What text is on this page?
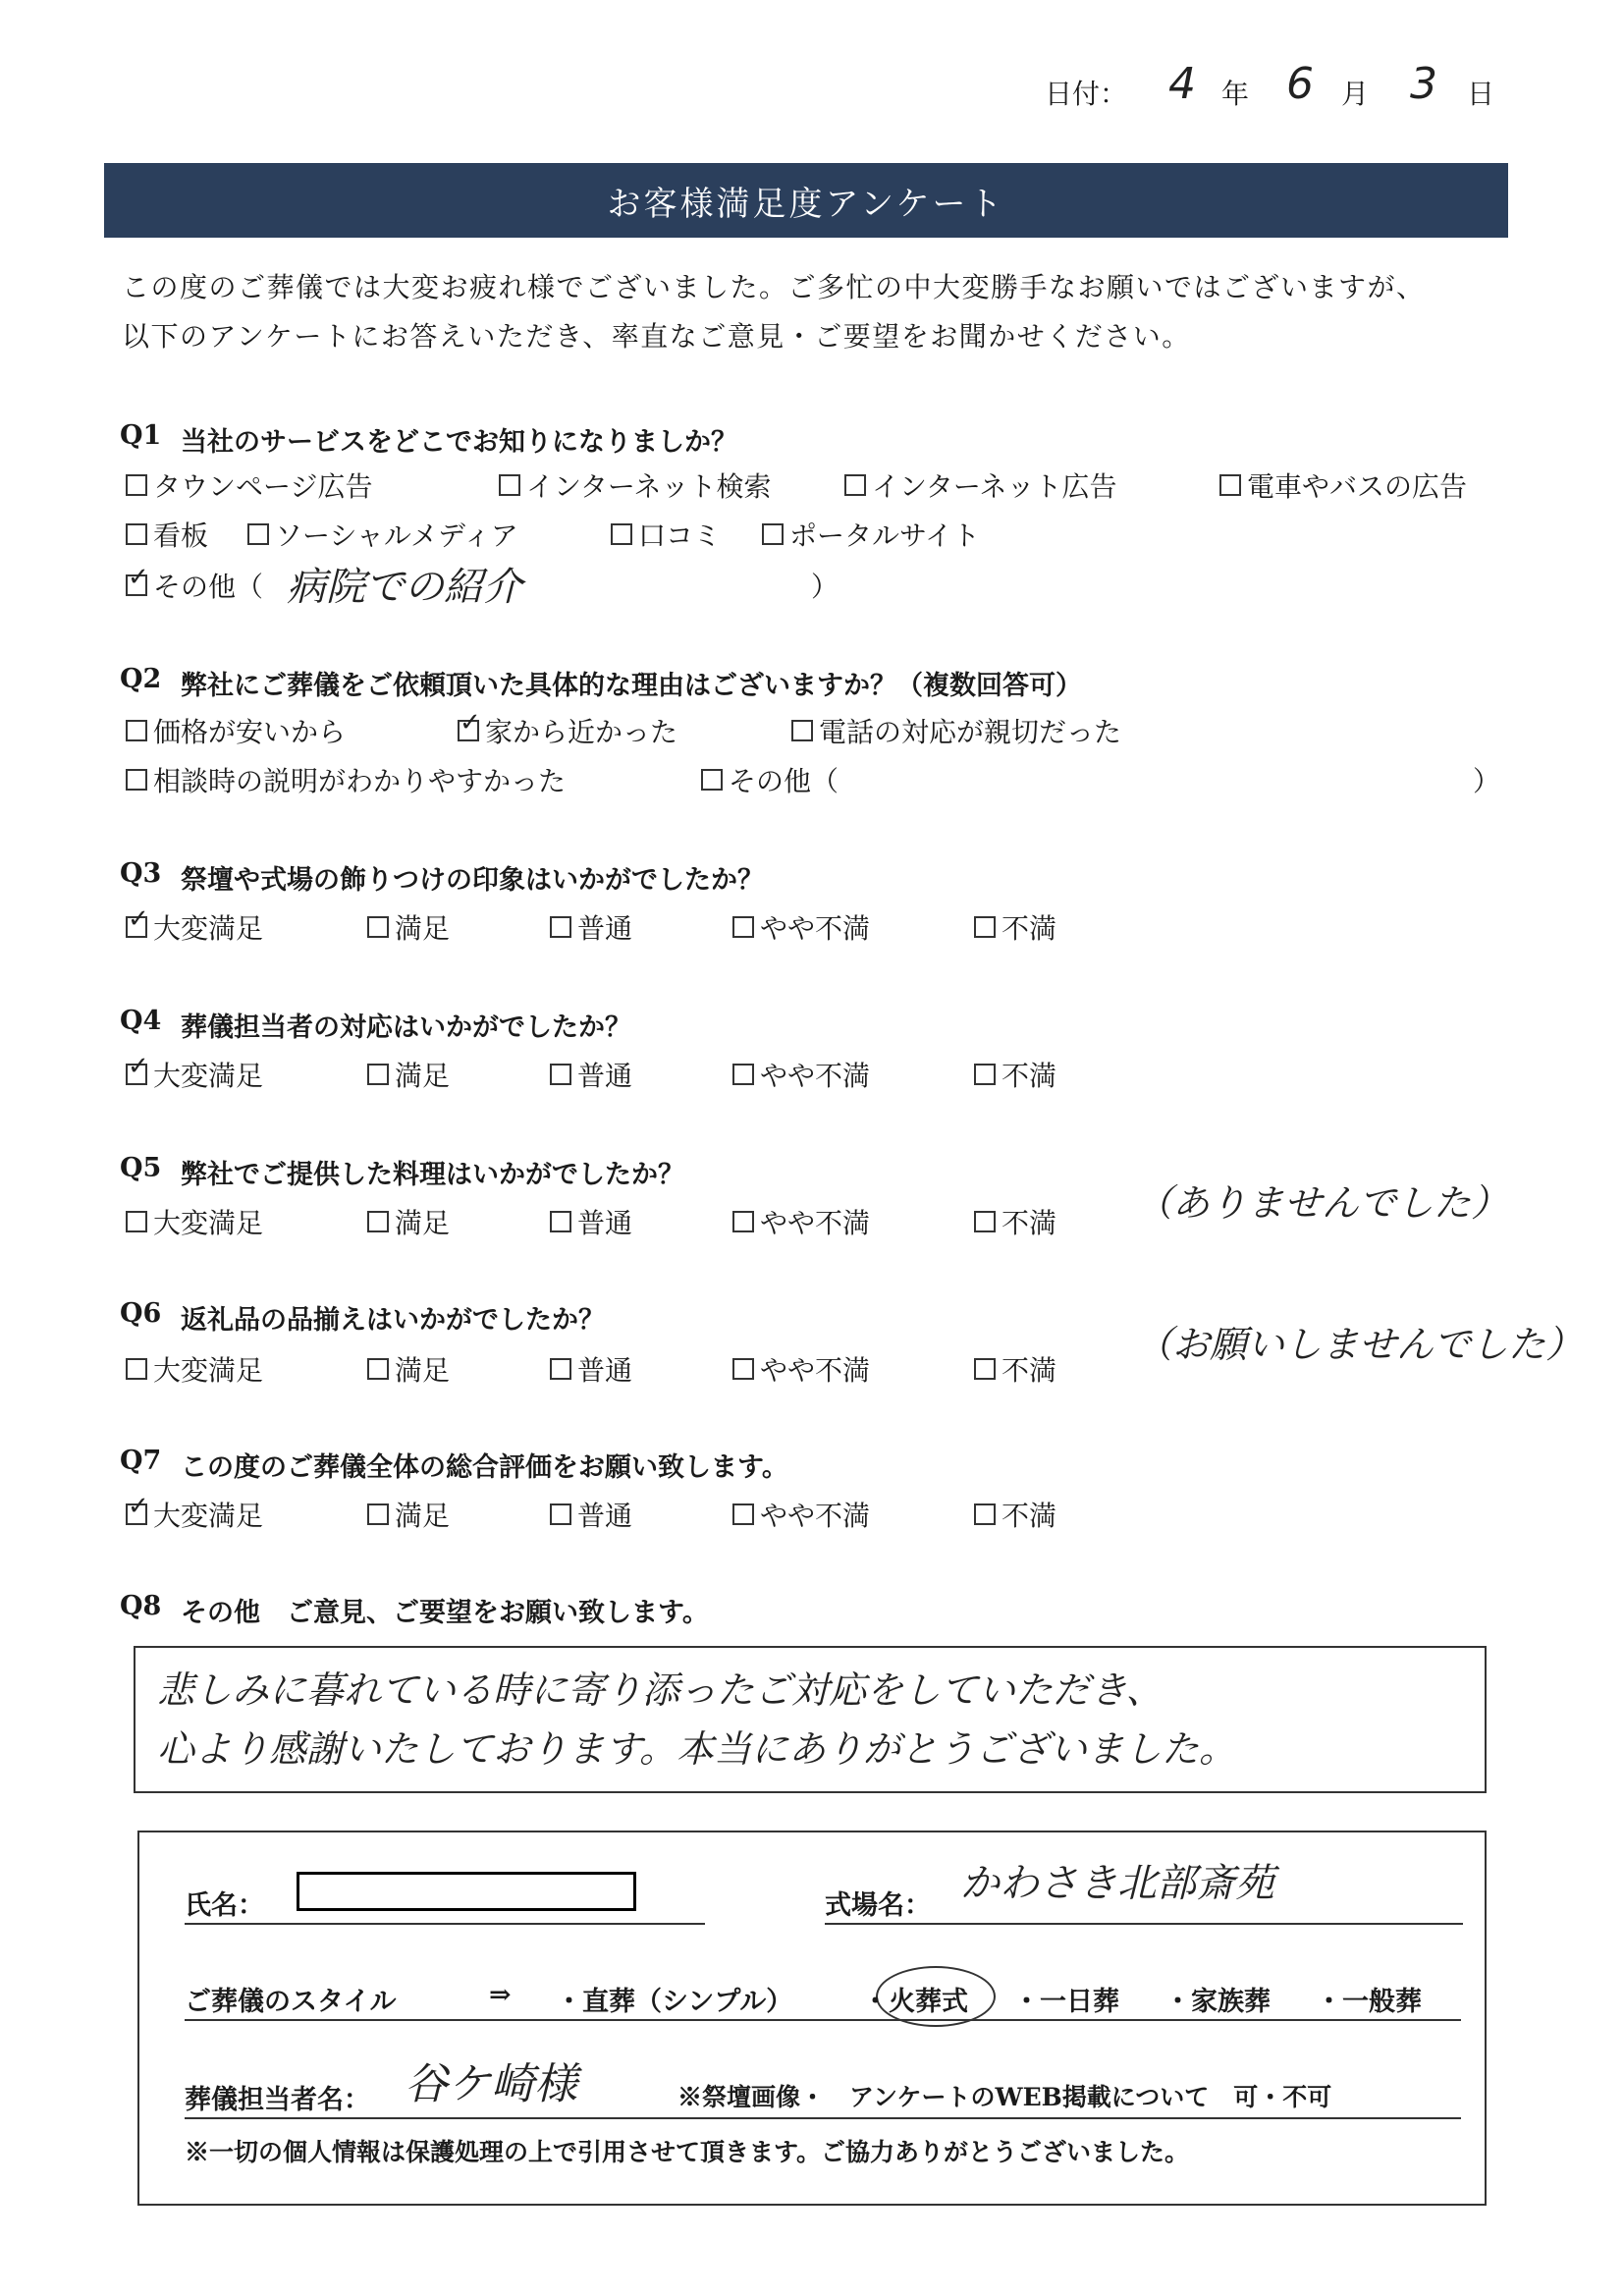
日付： 4 年 6 月 3 日
お客様満足度アンケート
この度のご葬儀では大変お疲れ様でございました。ご多忙の中大変勝手なお願いではございますが、
以下のアンケートにお答えいただき、率直なご意見・ご要望をお聞かせください。
Q1 当社のサービスをどこでお知りになりましか？
タウンページ広告	インターネット検索	インターネット広告	電車やバスの広告
看板 ソーシャルメディア	口コミ ポータルサイト
✓
その他（ 病院での紹介	）
Q2 弊社にご葬儀をご依頼頂いた具体的な理由はございますか？（複数回答可）
価格が安いから
✓	家から近かった	電話の対応が親切だった
相談時の説明がわかりやすかった	その他（	）
Q3 祭壇や式場の飾りつけの印象はいかがでしたか？
✓
大変満足	満足	普通	やや不満	不満
Q4 葬儀担当者の対応はいかがでしたか？
✓
大変満足	満足	普通	やや不満	不満
Q5 弊社でご提供した料理はいかがでしたか？
大変満足	満足	普通	やや不満	不満 （ありませんでした）
Q6 返礼品の品揃えはいかがでしたか？
大変満足	満足	普通	やや不満	不満
（お願いしませんでした）
Q7 この度のご葬儀全体の総合評価をお願い致します。
✓
大変満足	満足	普通	やや不満	不満
Q8 その他　ご意見、ご要望をお願い致します。
悲しみに暮れている時に寄り添ったご対応をしていただき、
心より感謝いたしております。本当にありがとうございました。
氏名：	式場名： かわさき北部斎苑
ご葬儀のスタイル	⇒ ・直葬（シンプル）	・火葬式 ・一日葬 ・家族葬 ・一般葬
葬儀担当者名： 谷ケ崎様	※祭壇画像・　アンケートのWEB掲載について　可・不可
※一切の個人情報は保護処理の上で引用させて頂きます。ご協力ありがとうございました。
